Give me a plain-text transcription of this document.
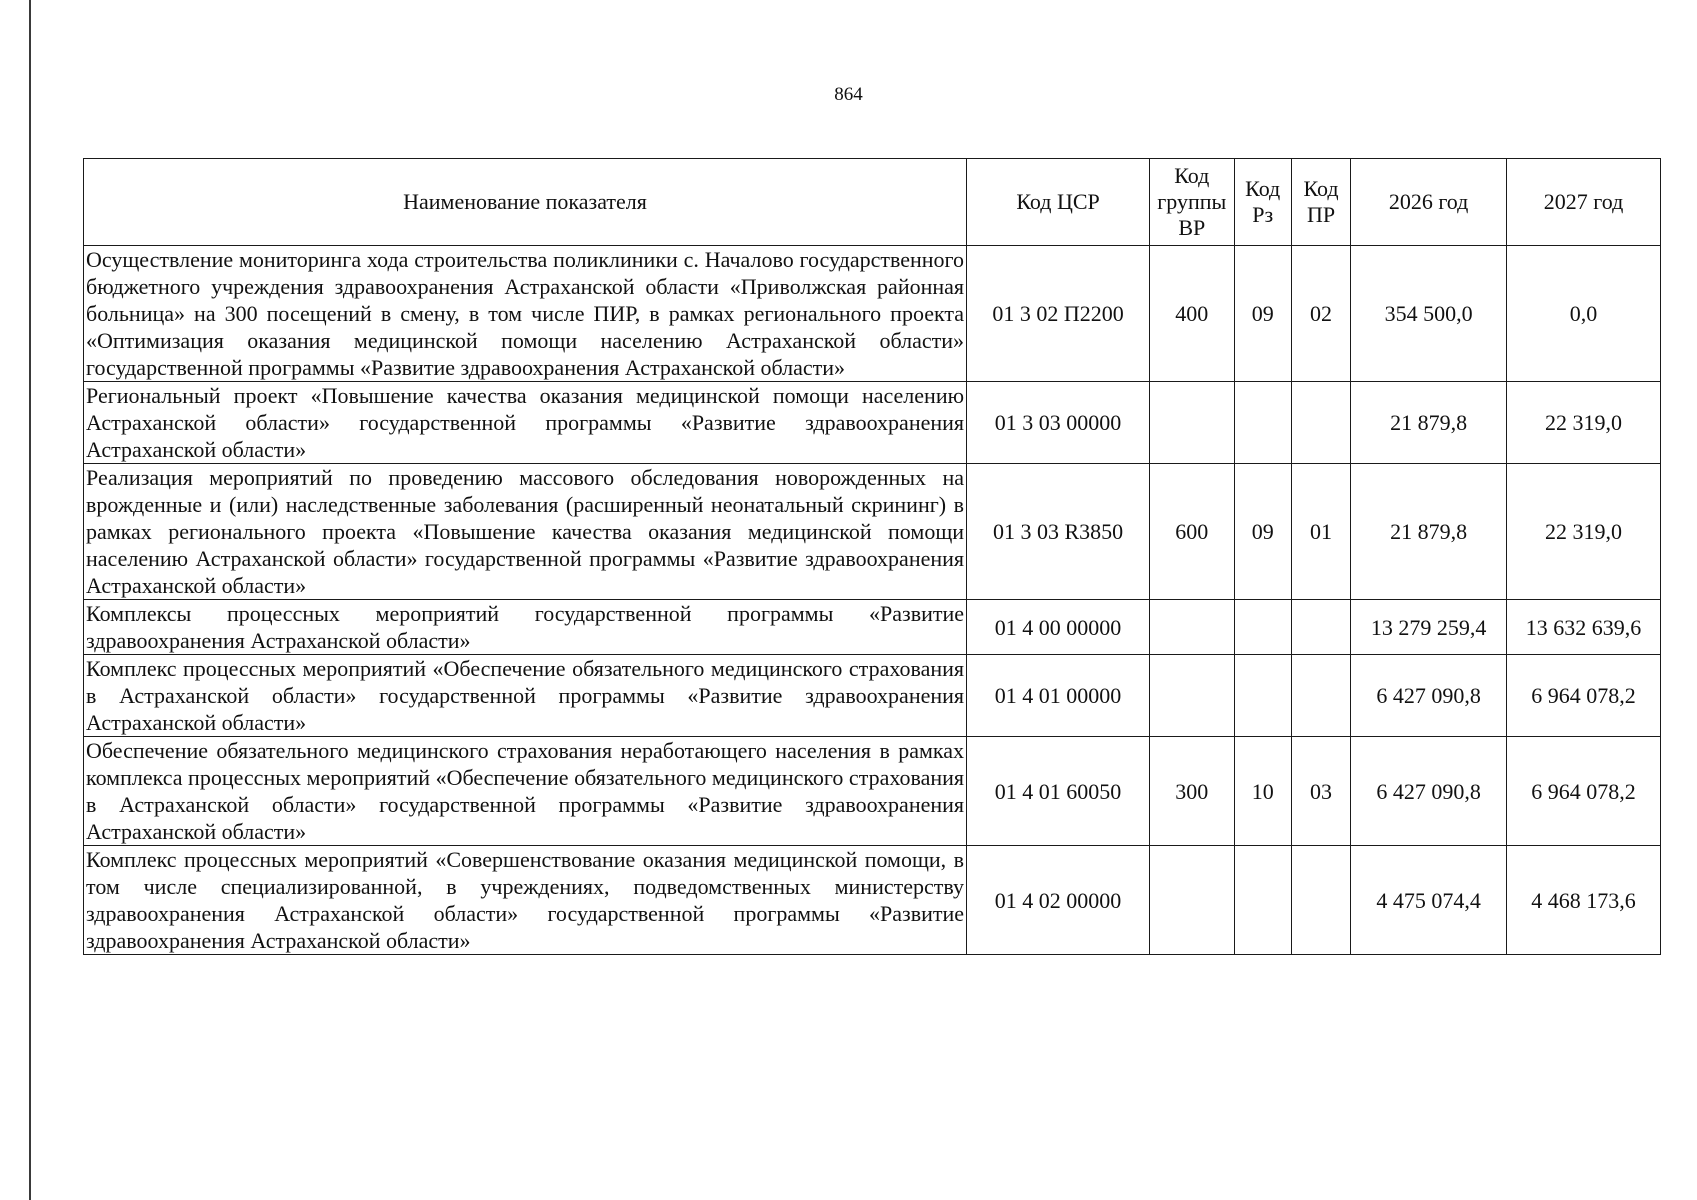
864
Наименование показателя	Код ЦСР	Код группы ВР	Код Рз	Код ПР	2026 год	2027 год
Осуществление мониторинга хода строительства поликлиники с. Началово государственного бюджетного учреждения здравоохранения Астраханской области «Приволжская районная больница» на 300 посещений в смену, в том числе ПИР, в рамках регионального проекта «Оптимизация оказания медицинской помощи населению Астраханской области» государственной программы «Развитие здравоохранения Астраханской области»	01 3 02 П2200	400	09	02	354 500,0	0,0
Региональный проект «Повышение качества оказания медицинской помощи населению Астраханской области» государственной программы «Развитие здравоохранения Астраханской области»	01 3 03 00000				21 879,8	22 319,0
Реализация мероприятий по проведению массового обследования новорожденных на врожденные и (или) наследственные заболевания (расширенный неонатальный скрининг) в рамках регионального проекта «Повышение качества оказания медицинской помощи населению Астраханской области» государственной программы «Развитие здравоохранения Астраханской области»	01 3 03 R3850	600	09	01	21 879,8	22 319,0
Комплексы процессных мероприятий государственной программы «Развитие здравоохранения Астраханской области»	01 4 00 00000				13 279 259,4	13 632 639,6
Комплекс процессных мероприятий «Обеспечение обязательного медицинского страхования в Астраханской области» государственной программы «Развитие здравоохранения Астраханской области»	01 4 01 00000				6 427 090,8	6 964 078,2
Обеспечение обязательного медицинского страхования неработающего населения в рамках комплекса процессных мероприятий «Обеспечение обязательного медицинского страхования в Астраханской области» государственной программы «Развитие здравоохранения Астраханской области»	01 4 01 60050	300	10	03	6 427 090,8	6 964 078,2
Комплекс процессных мероприятий «Совершенствование оказания медицинской помощи, в том числе специализированной, в учреждениях, подведомственных министерству здравоохранения Астраханской области» государственной программы «Развитие здравоохранения Астраханской области»	01 4 02 00000				4 475 074,4	4 468 173,6
